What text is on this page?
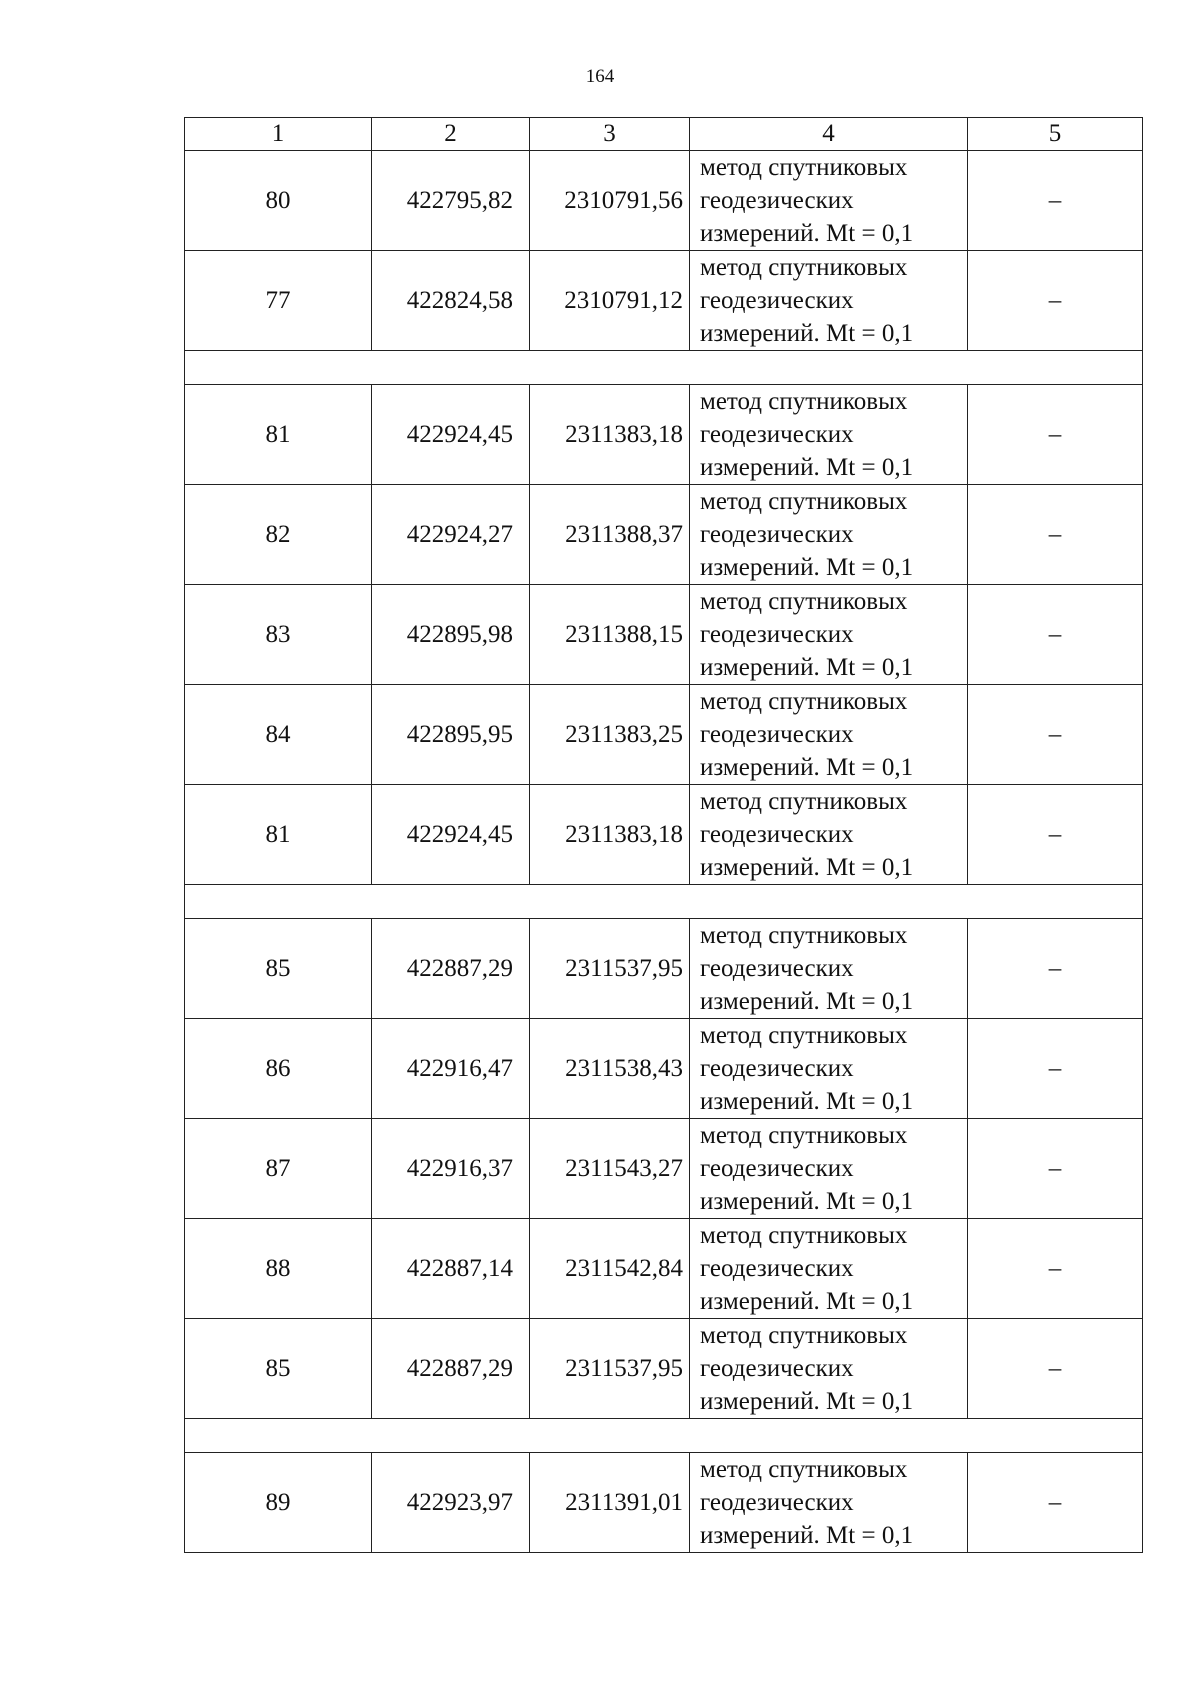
164
1	2	3	4	5
80	422795,82	2310791,56	метод спутниковых геодезических измерений. Mt = 0,1	–
77	422824,58	2310791,12	метод спутниковых геодезических измерений. Mt = 0,1	–

81	422924,45	2311383,18	метод спутниковых геодезических измерений. Mt = 0,1	–
82	422924,27	2311388,37	метод спутниковых геодезических измерений. Mt = 0,1	–
83	422895,98	2311388,15	метод спутниковых геодезических измерений. Mt = 0,1	–
84	422895,95	2311383,25	метод спутниковых геодезических измерений. Mt = 0,1	–
81	422924,45	2311383,18	метод спутниковых геодезических измерений. Mt = 0,1	–

85	422887,29	2311537,95	метод спутниковых геодезических измерений. Mt = 0,1	–
86	422916,47	2311538,43	метод спутниковых геодезических измерений. Mt = 0,1	–
87	422916,37	2311543,27	метод спутниковых геодезических измерений. Mt = 0,1	–
88	422887,14	2311542,84	метод спутниковых геодезических измерений. Mt = 0,1	–
85	422887,29	2311537,95	метод спутниковых геодезических измерений. Mt = 0,1	–

89	422923,97	2311391,01	метод спутниковых геодезических измерений. Mt = 0,1	–
